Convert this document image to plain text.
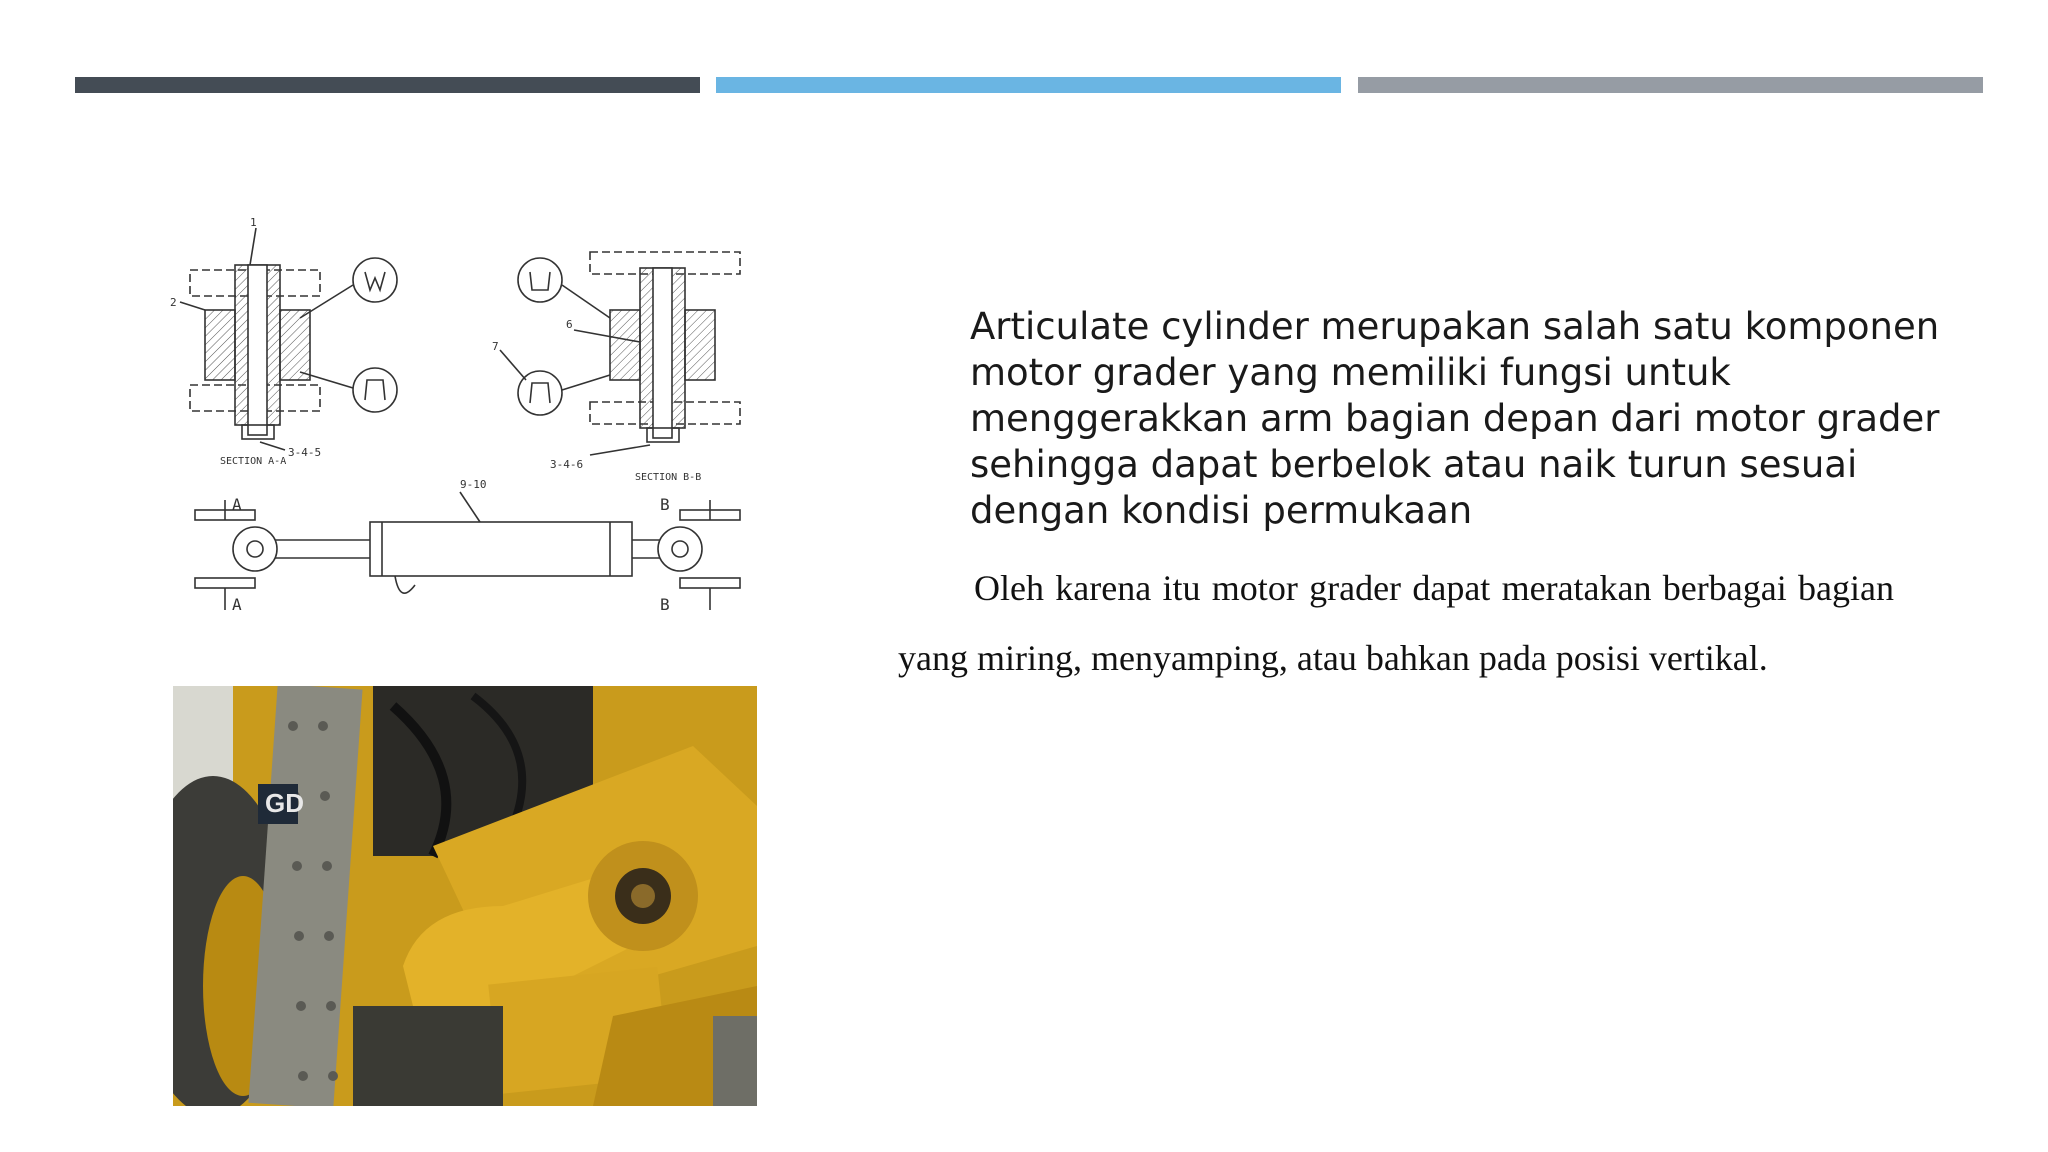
1
2
3-4-5
SECTION A-A
6
7
3-4-6
SECTION B-B
9-10
A
A
B
B
GD

Articulate cylinder merupakan salah satu komponen motor grader yang memiliki fungsi untuk menggerakkan arm bagian depan dari motor grader sehingga dapat berbelok atau naik turun sesuai dengan kondisi permukaan

Oleh karena itu motor grader dapat meratakan berbagai bagian yang miring, menyamping, atau bahkan pada posisi vertikal.
